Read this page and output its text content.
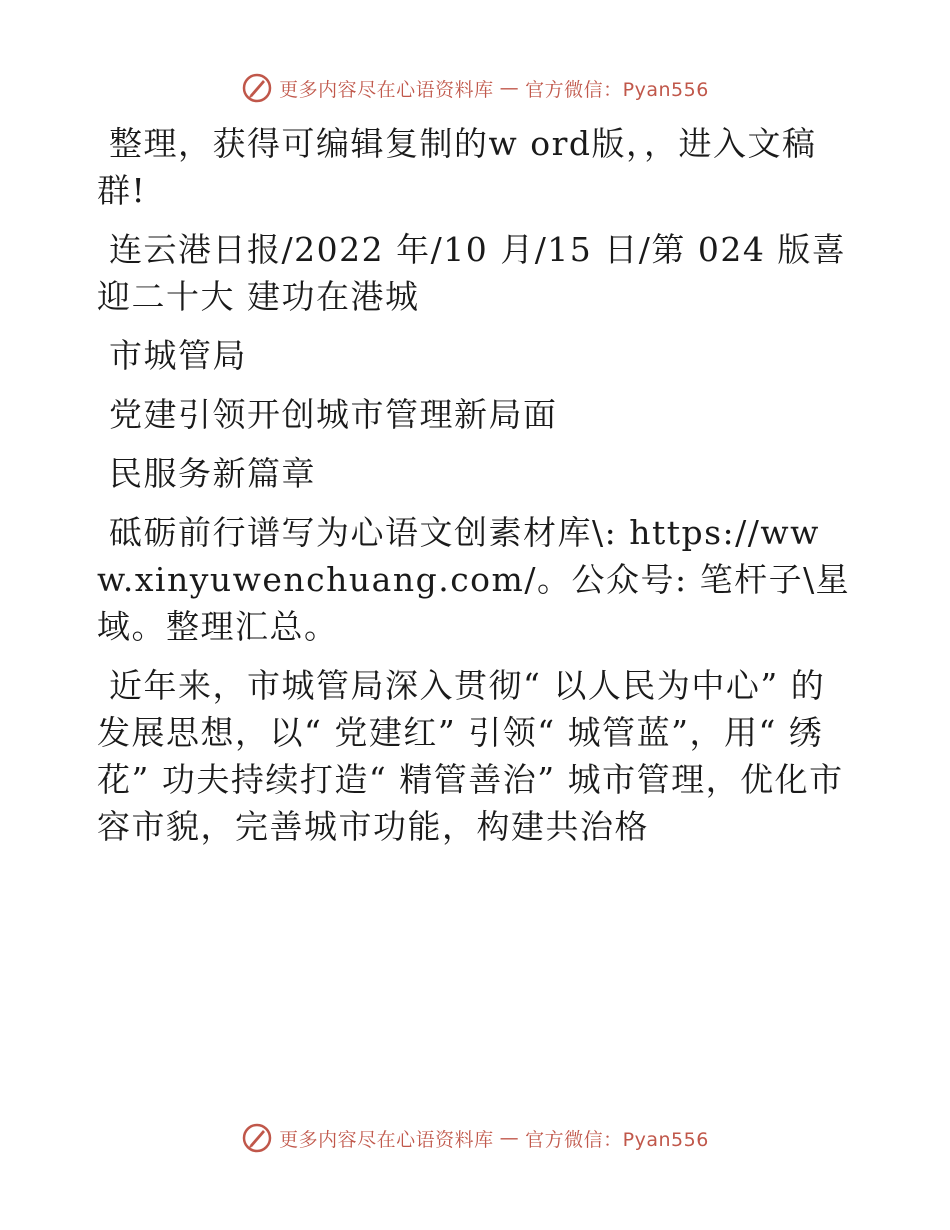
更多内容尽在心语资料库 — 官方微信：Pyan556

整理，获得可编辑复制的w ord版，，进入文稿群!

连云港日报/2022 年/10 月/15 日/第 024 版喜迎二十大 建功在港城

市城管局

党建引领开创城市管理新局面

民服务新篇章

砥砺前行谱写为心语文创素材库\: https://www.xinyuwenchuang.com/。公众号: 笔杆子\星域。整理汇总。

近年来，市城管局深入贯彻“ 以人民为中心” 的发展思想，以“ 党建红” 引领“ 城管蓝”，用“ 绣花” 功夫持续打造“ 精管善治” 城市管理，优化市容市貌，完善城市功能，构建共治格

更多内容尽在心语资料库 — 官方微信：Pyan556
